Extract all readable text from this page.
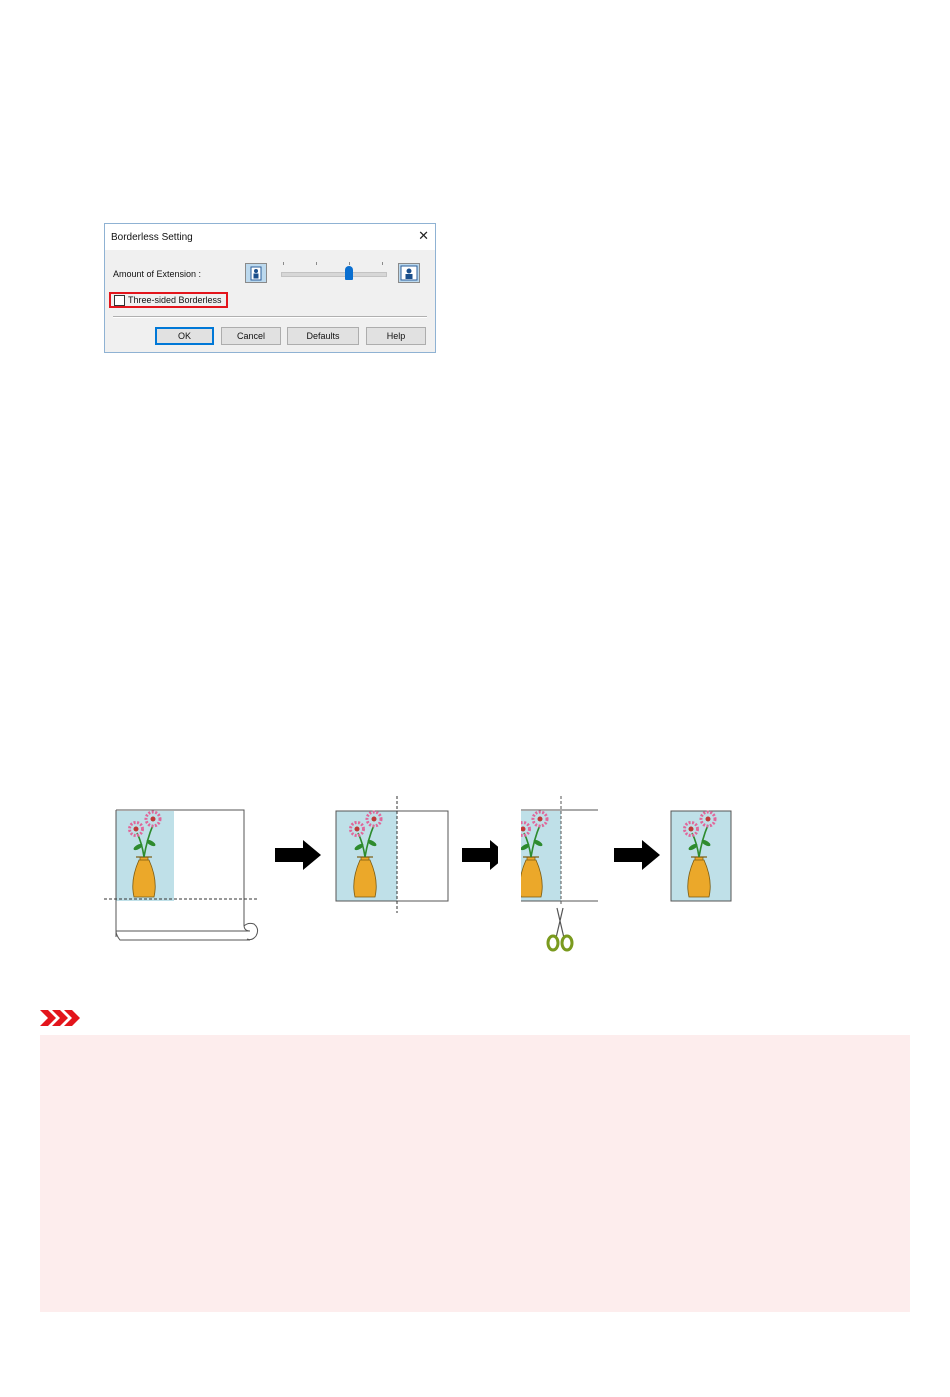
Borderless Setting	✕
Amount of Extension :
Three-sided Borderless
OK	Cancel	Defaults	Help
